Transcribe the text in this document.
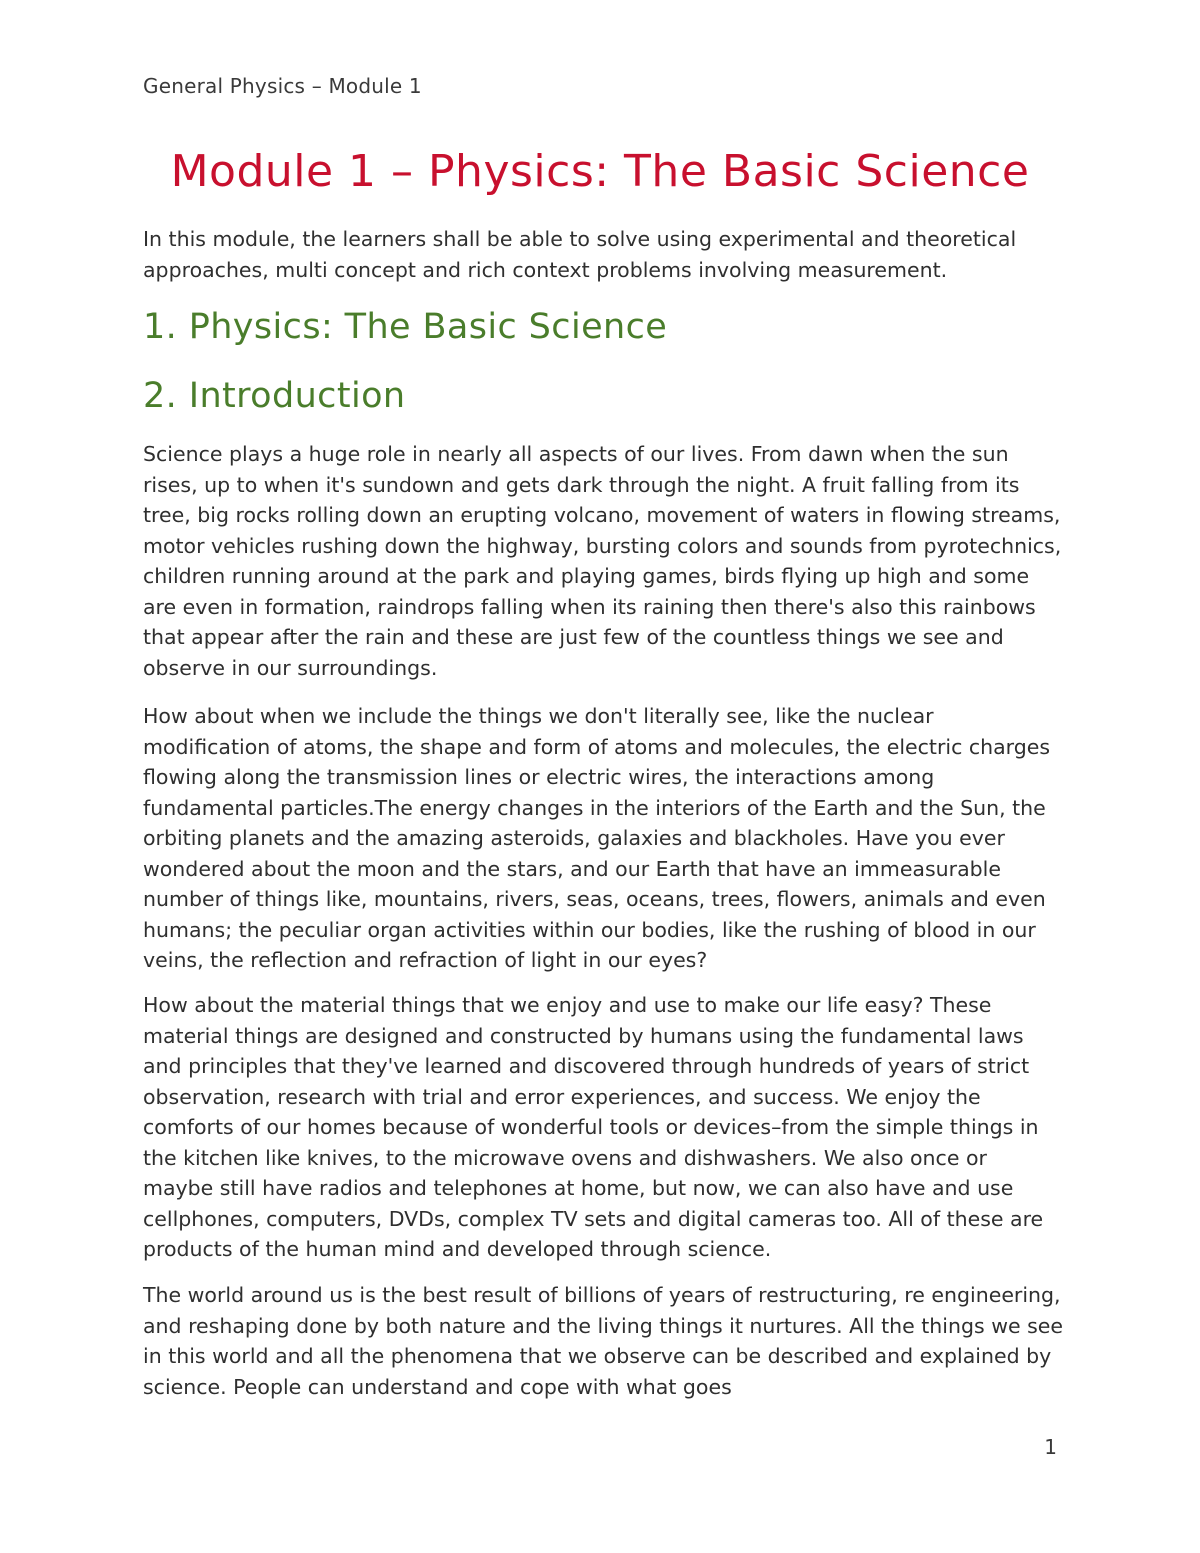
General Physics – Module 1
Module 1 – Physics: The Basic Science

In this module, the learners shall be able to solve using experimental and theoretical approaches, multi concept and rich context problems involving measurement.

1. Physics: The Basic Science
2. Introduction

Science plays a huge role in nearly all aspects of our lives. From dawn when the sun rises, up to when it's sundown and gets dark through the night. A fruit falling from its tree, big rocks rolling down an erupting volcano, movement of waters in flowing streams, motor vehicles rushing down the highway, bursting colors and sounds from pyrotechnics, children running around at the park and playing games, birds flying up high and some are even in formation, raindrops falling when its raining then there's also this rainbows that appear after the rain and these are just few of the countless things we see and observe in our surroundings.

How about when we include the things we don't literally see, like the nuclear modification of atoms, the shape and form of atoms and molecules, the electric charges flowing along the transmission lines or electric wires, the interactions among fundamental particles.The energy changes in the interiors of the Earth and the Sun, the orbiting planets and the amazing asteroids, galaxies and blackholes. Have you ever wondered about the moon and the stars, and our Earth that have an immeasurable number of things like, mountains, rivers, seas, oceans, trees, flowers, animals and even humans; the peculiar organ activities within our bodies, like the rushing of blood in our veins, the reflection and refraction of light in our eyes?

How about the material things that we enjoy and use to make our life easy? These material things are designed and constructed by humans using the fundamental laws and principles that they've learned and discovered through hundreds of years of strict observation, research with trial and error experiences, and success. We enjoy the comforts of our homes because of wonderful tools or devices–from the simple things in the kitchen like knives, to the microwave ovens and dishwashers. We also once or maybe still have radios and telephones at home, but now, we can also have and use cellphones, computers, DVDs, complex TV sets and digital cameras too. All of these are products of the human mind and developed through science.

The world around us is the best result of billions of years of restructuring, re engineering, and reshaping done by both nature and the living things it nurtures. All the things we see in this world and all the phenomena that we observe can be described and explained by science. People can understand and cope with what goes

1
